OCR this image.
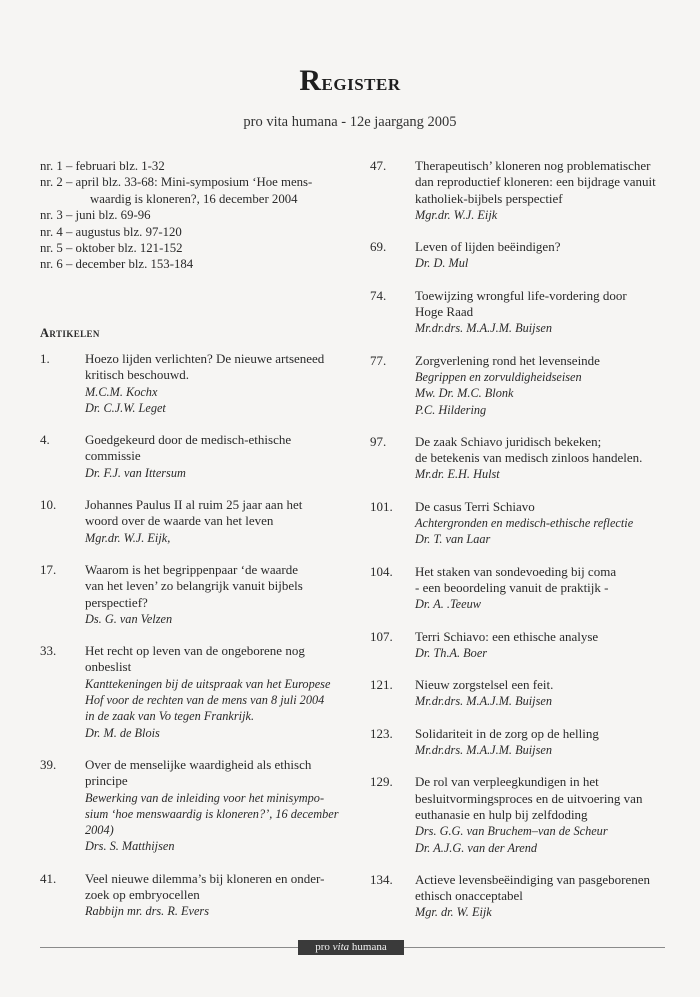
Register
pro vita humana - 12e jaargang 2005
nr. 1 – februari blz. 1-32
nr. 2 – april blz. 33-68: Mini-symposium ‘Hoe mens-
waardig is kloneren?, 16 december 2004
nr. 3 – juni blz. 69-96
nr. 4 – augustus blz. 97-120
nr. 5 – oktober blz. 121-152
nr. 6 – december blz. 153-184
Artikelen
1.	Hoezo lijden verlichten? De nieuwe artseneed
kritisch beschouwd.
M.C.M. Kochx
Dr. C.J.W. Leget
4.	Goedgekeurd door de medisch-ethische
commissie
Dr. F.J. van Ittersum
10. Johannes Paulus II al ruim 25 jaar aan het
woord over de waarde van het leven
Mgr.dr. W.J. Eijk,
17. Waarom is het begrippenpaar ‘de waarde
van het leven’ zo belangrijk vanuit bijbels
perspectief?
Ds. G. van Velzen
33. Het recht op leven van de ongeborene nog
onbeslist
Kanttekeningen bij de uitspraak van het Europese
Hof voor de rechten van de mens van 8 juli 2004
in de zaak van Vo tegen Frankrijk.
Dr. M. de Blois
39. Over de menselijke waardigheid als ethisch
principe
Bewerking van de inleiding voor het minisympo-
sium ‘hoe menswaardig is kloneren?’, 16 december
2004)
Drs. S. Matthijsen
41. Veel nieuwe dilemma’s bij kloneren en onder-
zoek op embryocellen
Rabbijn mr. drs. R. Evers
47. Therapeutisch’ kloneren nog problematischer
dan reproductief kloneren: een bijdrage vanuit
katholiek-bijbels perspectief
Mgr.dr. W.J. Eijk
69. Leven of lijden beëindigen?
Dr. D. Mul
74. Toewijzing wrongful life-vordering door
Hoge Raad
Mr.dr.drs. M.A.J.M. Buijsen
77. Zorgverlening rond het levenseinde
Begrippen en zorvuldigheidseisen
Mw. Dr. M.C. Blonk
P.C. Hildering
97. De zaak Schiavo juridisch bekeken;
de betekenis van medisch zinloos handelen.
Mr.dr. E.H. Hulst
101. De casus Terri Schiavo
Achtergronden en medisch-ethische reflectie
Dr. T. van Laar
104. Het staken van sondevoeding bij coma
- een beoordeling vanuit de praktijk -
Dr. A. .Teeuw
107. Terri Schiavo: een ethische analyse
Dr. Th.A. Boer
121. Nieuw zorgstelsel een feit.
Mr.dr.drs. M.A.J.M. Buijsen
123. Solidariteit in de zorg op de helling
Mr.dr.drs. M.A.J.M. Buijsen
129. De rol van verpleegkundigen in het
besluitvormingsproces en de uitvoering van
euthanasie en hulp bij zelfdoding
Drs. G.G. van Bruchem–van de Scheur
Dr. A.J.G. van der Arend
134. Actieve levensbeëindiging van pasgeborenen
ethisch onacceptabel
Mgr. dr. W. Eijk
pro vita humana
